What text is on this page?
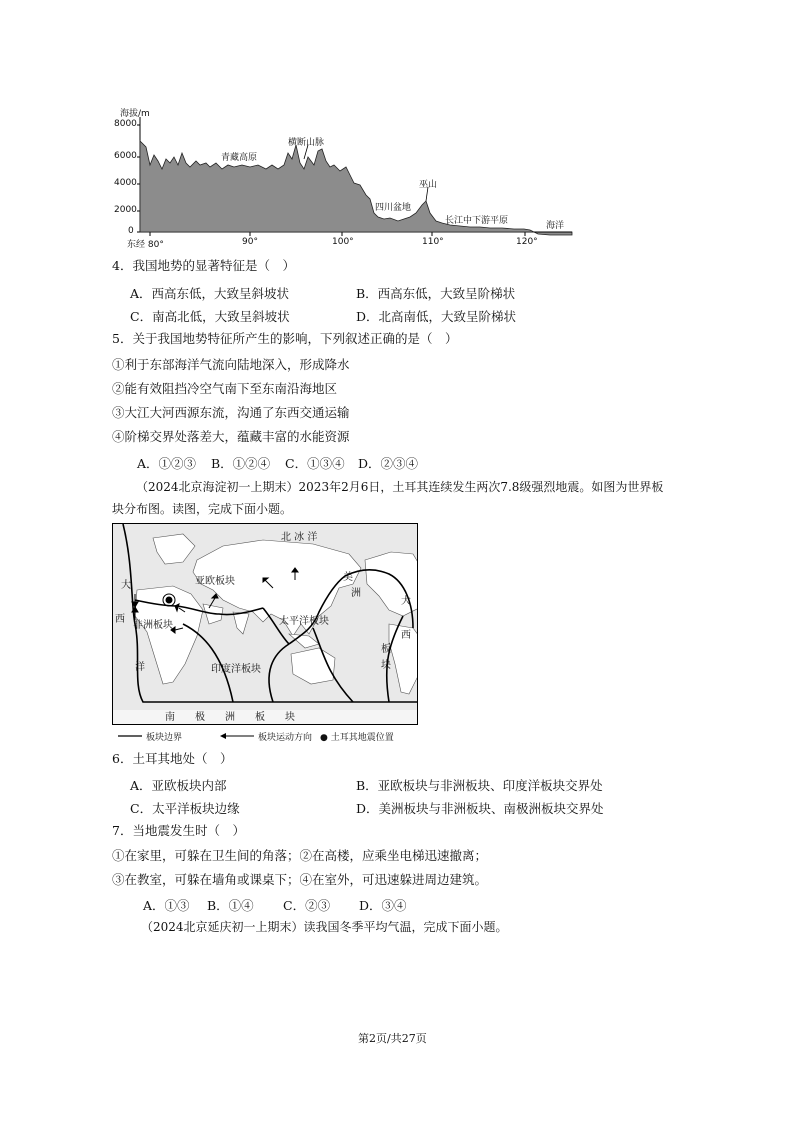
海拔/m
8000
6000
4000
2000
0
东经 80°	90°	100°	110°	120°
青藏高原
横断山脉
巫山
四川盆地
长江中下游平原	海洋
4．我国地势的显著特征是（　）
A．西高东低，大致呈斜坡状	B．西高东低，大致呈阶梯状
C．南高北低，大致呈斜坡状	D．北高南低，大致呈阶梯状
5．关于我国地势特征所产生的影响，下列叙述正确的是（　）
①利于东部海洋气流向陆地深入，形成降水
②能有效阻挡冷空气南下至东南沿海地区
③大江大河西源东流，沟通了东西交通运输
④阶梯交界处落差大，蕴藏丰富的水能资源
A．①②③ B．①②④ C．①③④ D．②③④
（2024北京海淀初一上期末）2023年2月6日，土耳其连续发生两次7.8级强烈地震。如图为世界板
块分布图。读图，完成下面小题。
北 冰 洋
大
西
洋
亚欧板块
非洲板块	太平洋板块
印度洋板块
美
洲
大
西
板
块
南　　极　　洲　　板　　块
板块边界	板块运动方向 ● 土耳其地震位置
6．土耳其地处（　）
A．亚欧板块内部	B．亚欧板块与非洲板块、印度洋板块交界处
C．太平洋板块边缘	D．美洲板块与非洲板块、南极洲板块交界处
7．当地震发生时（　）
①在家里，可躲在卫生间的角落；②在高楼，应乘坐电梯迅速撤离；
③在教室，可躲在墙角或课桌下；④在室外，可迅速躲进周边建筑。
A．①③ B．①④ C．②③ D．③④
（2024北京延庆初一上期末）读我国冬季平均气温，完成下面小题。
第2页/共27页
